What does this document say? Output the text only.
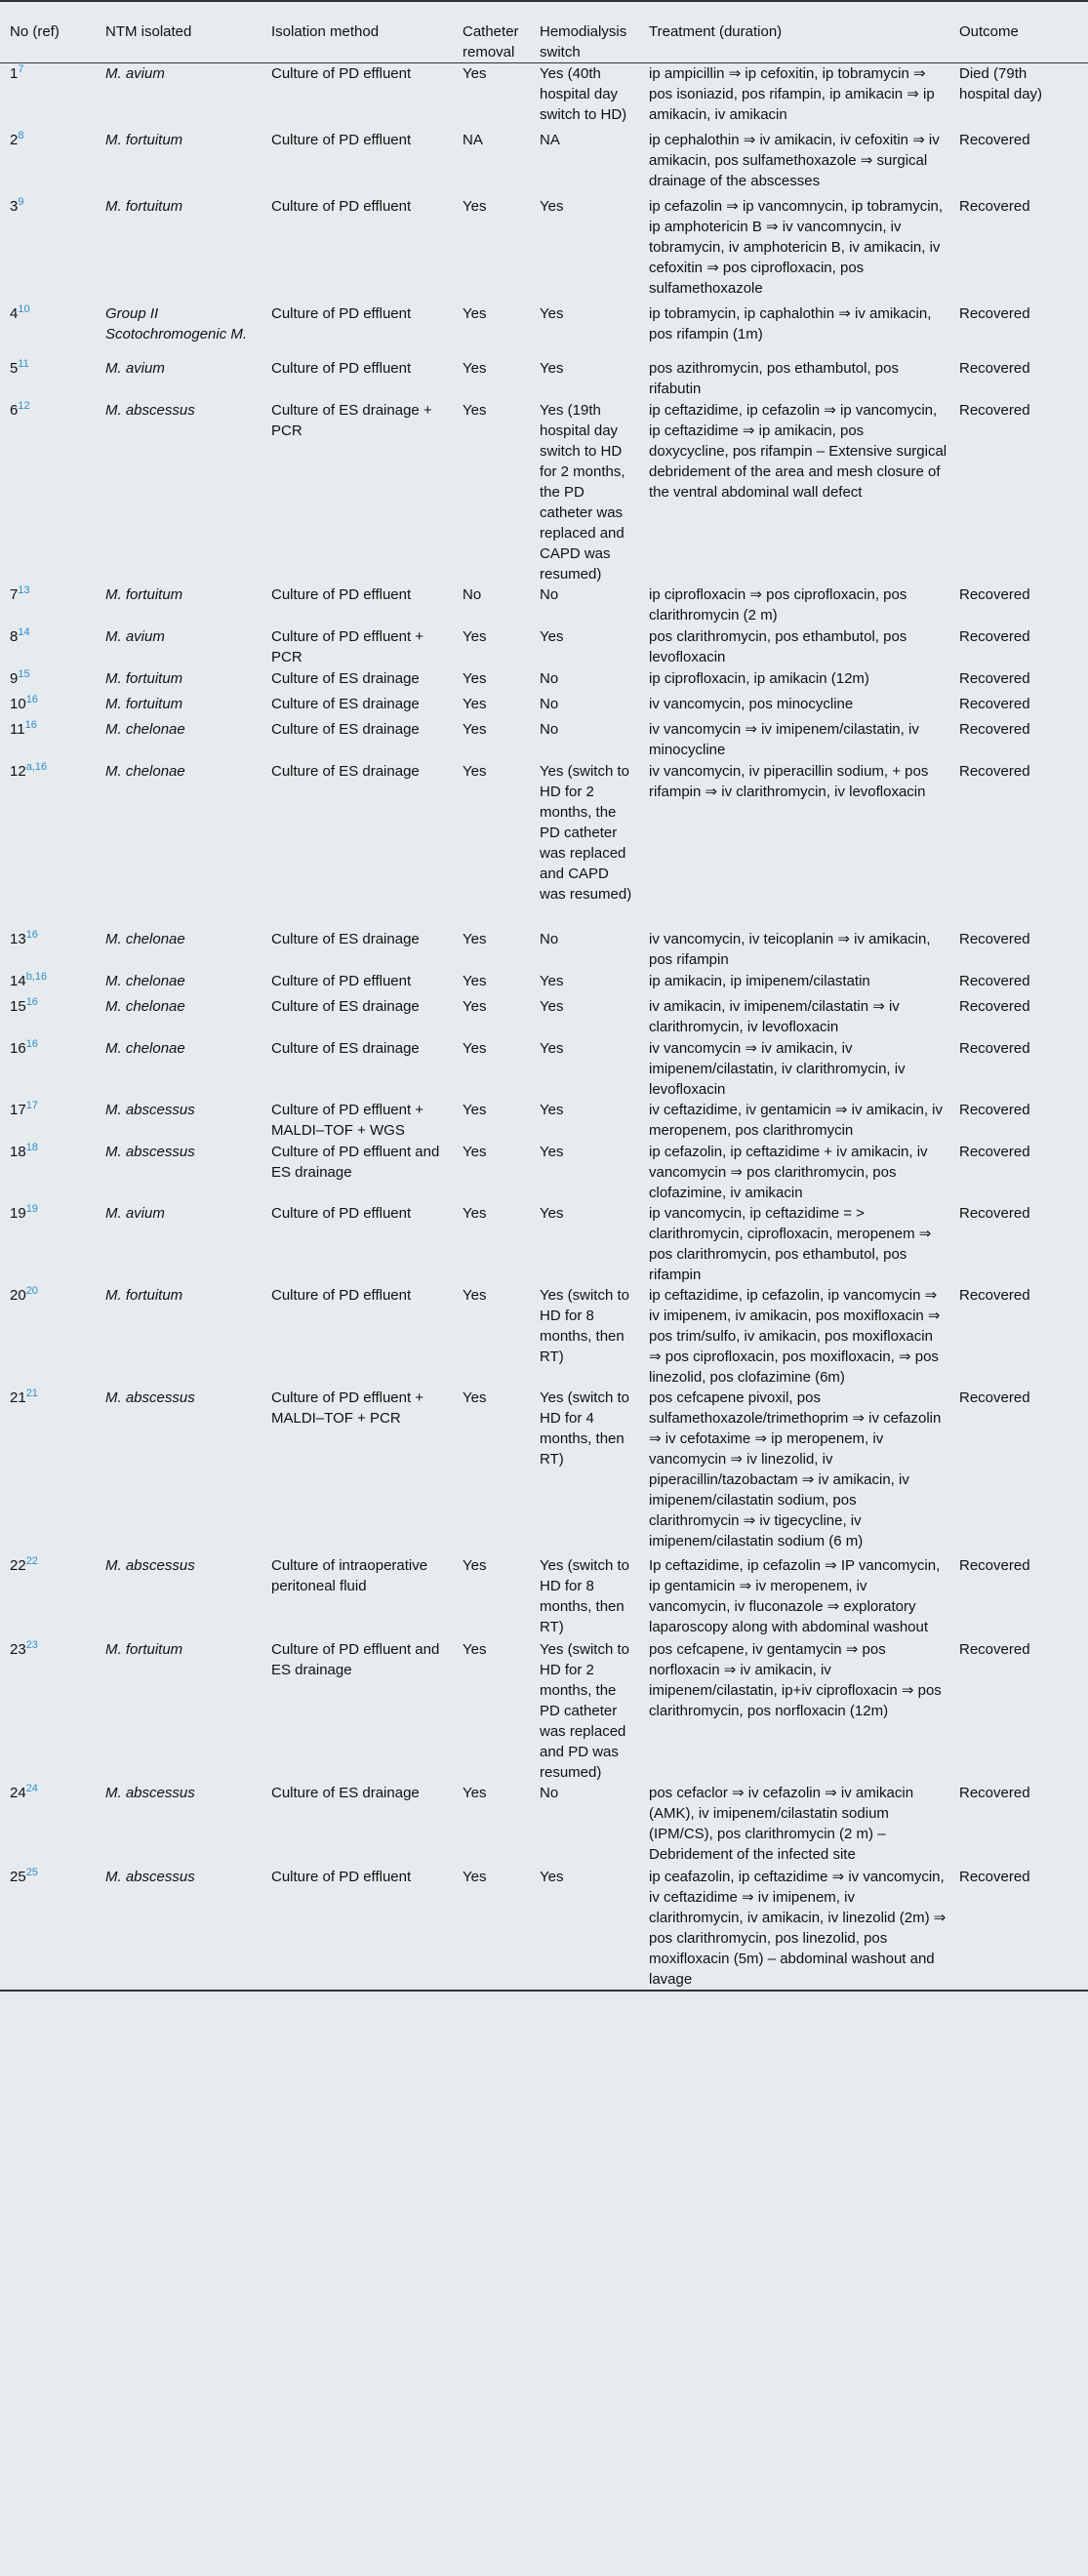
No (ref)	NTM isolated	Isolation method	Catheter removal	Hemodialysis switch	Treatment (duration)	Outcome
$1^7$	M. avium	Culture of PD effluent	Yes	Yes (40th hospital day switch to HD)	ip ampicillin ⇒ ip cefoxitin, ip tobramycin ⇒ pos isoniazid, pos rifampin, ip amikacin ⇒ ip amikacin, iv amikacin	Died (79th hospital day)
$2^8$	M. fortuitum	Culture of PD effluent	NA	NA	ip cephalothin ⇒ iv amikacin, iv cefoxitin ⇒ iv amikacin, pos sulfamethoxazole ⇒ surgical drainage of the abscesses	Recovered
$3^9$	M. fortuitum	Culture of PD effluent	Yes	Yes	ip cefazolin ⇒ ip vancomnycin, ip tobramycin, ip amphotericin B ⇒ iv vancomnycin, iv tobramycin, iv amphotericin B, iv amikacin, iv cefoxitin ⇒ pos ciprofloxacin, pos sulfamethoxazole	Recovered
$4^{10}$	Group II Scotochromogenic M.	Culture of PD effluent	Yes	Yes	ip tobramycin, ip caphalothin ⇒ iv amikacin, pos rifampin (1m)	Recovered
$5^{11}$	M. avium	Culture of PD effluent	Yes	Yes	pos azithromycin, pos ethambutol, pos rifabutin	Recovered
$6^{12}$	M. abscessus	Culture of ES drainage + PCR	Yes	Yes (19th hospital day switch to HD for 2 months, the PD catheter was replaced and CAPD was resumed)	ip ceftazidime, ip cefazolin ⇒ ip vancomycin, ip ceftazidime ⇒ ip amikacin, pos doxycycline, pos rifampin – Extensive surgical debridement of the area and mesh closure of the ventral abdominal wall defect	Recovered
$7^{13}$	M. fortuitum	Culture of PD effluent	No	No	ip ciprofloxacin ⇒ pos ciprofloxacin, pos clarithromycin (2 m)	Recovered
$8^{14}$	M. avium	Culture of PD effluent + PCR	Yes	Yes	pos clarithromycin, pos ethambutol, pos levofloxacin	Recovered
$9^{15}$	M. fortuitum	Culture of ES drainage	Yes	No	ip ciprofloxacin, ip amikacin (12m)	Recovered
$10^{16}$	M. fortuitum	Culture of ES drainage	Yes	No	iv vancomycin, pos minocycline	Recovered
$11^{16}$	M. chelonae	Culture of ES drainage	Yes	No	iv vancomycin ⇒ iv imipenem/cilastatin, iv minocycline	Recovered
12$^{a,16}$	M. chelonae	Culture of ES drainage	Yes	Yes (switch to HD for 2 months, the PD catheter was replaced and CAPD was resumed)	iv vancomycin, iv piperacillin sodium, + pos rifampin ⇒ iv clarithromycin, iv levofloxacin	Recovered
$13^{16}$	M. chelonae	Culture of ES drainage	Yes	No	iv vancomycin, iv teicoplanin ⇒ iv amikacin, pos rifampin	Recovered
14$^{b,16}$	M. chelonae	Culture of PD effluent	Yes	Yes	ip amikacin, ip imipenem/cilastatin	Recovered
$15^{16}$	M. chelonae	Culture of ES drainage	Yes	Yes	iv amikacin, iv imipenem/cilastatin ⇒ iv clarithromycin, iv levofloxacin	Recovered
$16^{16}$	M. chelonae	Culture of ES drainage	Yes	Yes	iv vancomycin ⇒ iv amikacin, iv imipenem/cilastatin, iv clarithromycin, iv levofloxacin	Recovered
$17^{17}$	M. abscessus	Culture of PD effluent + MALDI–TOF + WGS	Yes	Yes	iv ceftazidime, iv gentamicin ⇒ iv amikacin, iv meropenem, pos clarithromycin	Recovered
$18^{18}$	M. abscessus	Culture of PD effluent and ES drainage	Yes	Yes	ip cefazolin, ip ceftazidime + iv amikacin, iv vancomycin ⇒ pos clarithromycin, pos clofazimine, iv amikacin	Recovered
$19^{19}$	M. avium	Culture of PD effluent	Yes	Yes	ip vancomycin, ip ceftazidime = > clarithromycin, ciprofloxacin, meropenem ⇒ pos clarithromycin, pos ethambutol, pos rifampin	Recovered
$20^{20}$	M. fortuitum	Culture of PD effluent	Yes	Yes (switch to HD for 8 months, then RT)	ip ceftazidime, ip cefazolin, ip vancomycin ⇒ iv imipenem, iv amikacin, pos moxifloxacin ⇒ pos trim/sulfo, iv amikacin, pos moxifloxacin ⇒ pos ciprofloxacin, pos moxifloxacin, ⇒ pos linezolid, pos clofazimine (6m)	Recovered
$21^{21}$	M. abscessus	Culture of PD effluent + MALDI–TOF + PCR	Yes	Yes (switch to HD for 4 months, then RT)	pos cefcapene pivoxil, pos sulfamethoxazole/trimethoprim ⇒ iv cefazolin ⇒ iv cefotaxime ⇒ ip meropenem, iv vancomycin ⇒ iv linezolid, iv piperacillin/tazobactam ⇒ iv amikacin, iv imipenem/cilastatin sodium, pos clarithromycin ⇒ iv tigecycline, iv imipenem/cilastatin sodium (6 m)	Recovered
$22^{22}$	M. abscessus	Culture of intraoperative peritoneal fluid	Yes	Yes (switch to HD for 8 months, then RT)	Ip ceftazidime, ip cefazolin ⇒ IP vancomycin, ip gentamicin ⇒ iv meropenem, iv vancomycin, iv fluconazole ⇒ exploratory laparoscopy along with abdominal washout	Recovered
$23^{23}$	M. fortuitum	Culture of PD effluent and ES drainage	Yes	Yes (switch to HD for 2 months, the PD catheter was replaced and PD was resumed)	pos cefcapene, iv gentamycin ⇒ pos norfloxacin ⇒ iv amikacin, iv imipenem/cilastatin, ip+iv ciprofloxacin ⇒ pos clarithromycin, pos norfloxacin (12m)	Recovered
$24^{24}$	M. abscessus	Culture of ES drainage	Yes	No	pos cefaclor ⇒ iv cefazolin ⇒ iv amikacin (AMK), iv imipenem/cilastatin sodium (IPM/CS), pos clarithromycin (2 m) – Debridement of the infected site	Recovered
$25^{25}$	M. abscessus	Culture of PD effluent	Yes	Yes	ip ceafazolin, ip ceftazidime ⇒ iv vancomycin, iv ceftazidime ⇒ iv imipenem, iv clarithromycin, iv amikacin, iv linezolid (2m) ⇒ pos clarithromycin, pos linezolid, pos moxifloxacin (5m) – abdominal washout and lavage	Recovered
